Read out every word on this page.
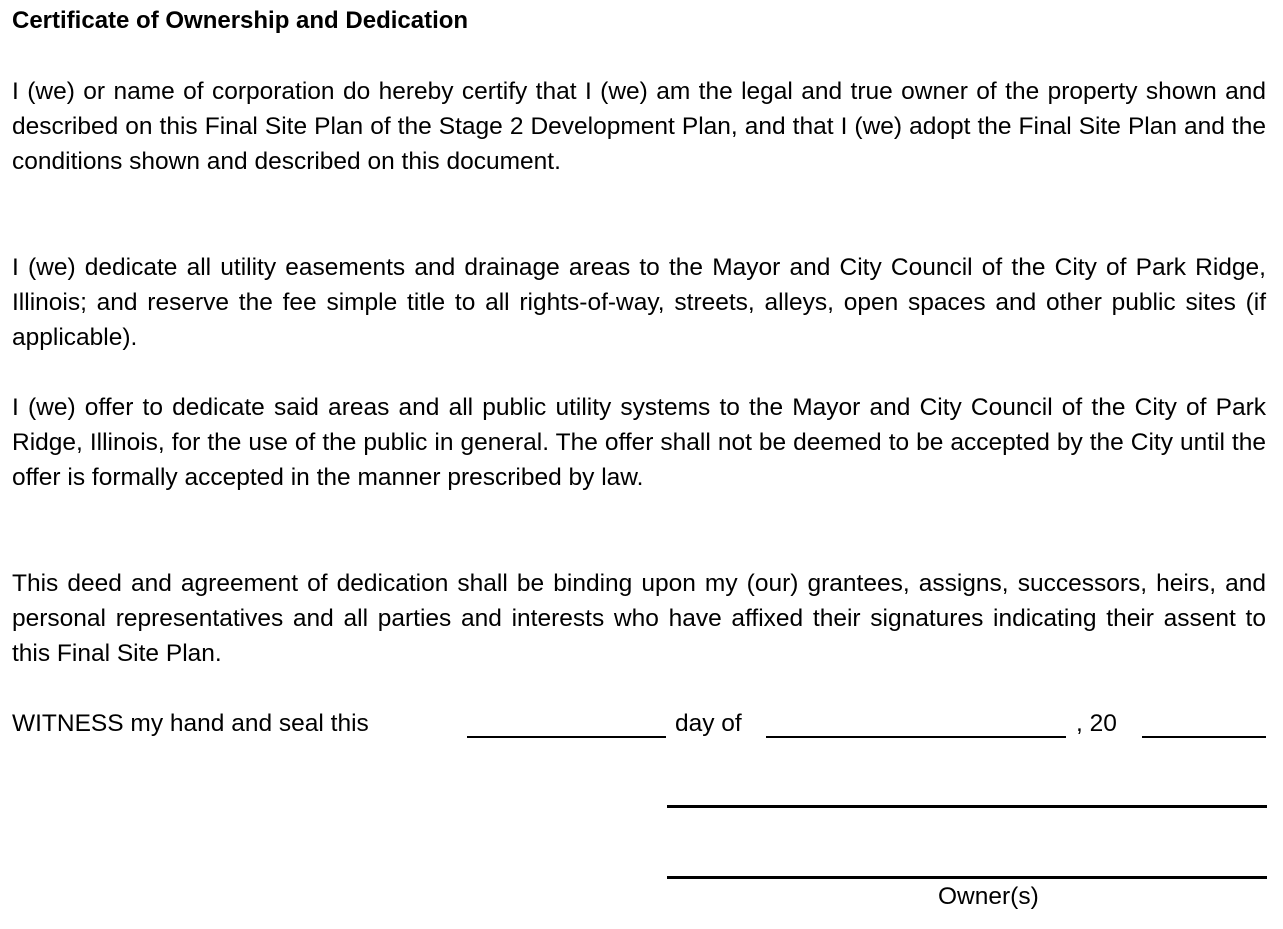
Certificate of Ownership and Dedication

I (we) or name of corporation do hereby certify that I (we) am the legal and true owner of the property shown and described on this Final Site Plan of the Stage 2 Development Plan, and that I (we) adopt the Final Site Plan and the conditions shown and described on this document.

I (we) dedicate all utility easements and drainage areas to the Mayor and City Council of the City of Park Ridge, Illinois; and reserve the fee simple title to all rights-of-way, streets, alleys, open spaces and other public sites (if applicable).

I (we) offer to dedicate said areas and all public utility systems to the Mayor and City Council of the City of Park Ridge, Illinois, for the use of the public in general. The offer shall not be deemed to be accepted by the City until the offer is formally accepted in the manner prescribed by law.

This deed and agreement of dedication shall be binding upon my (our) grantees, assigns, successors, heirs, and personal representatives and all parties and interests who have affixed their signatures indicating their assent to this Final Site Plan.

WITNESS my hand and seal this	day of	, 20
Owner(s)
